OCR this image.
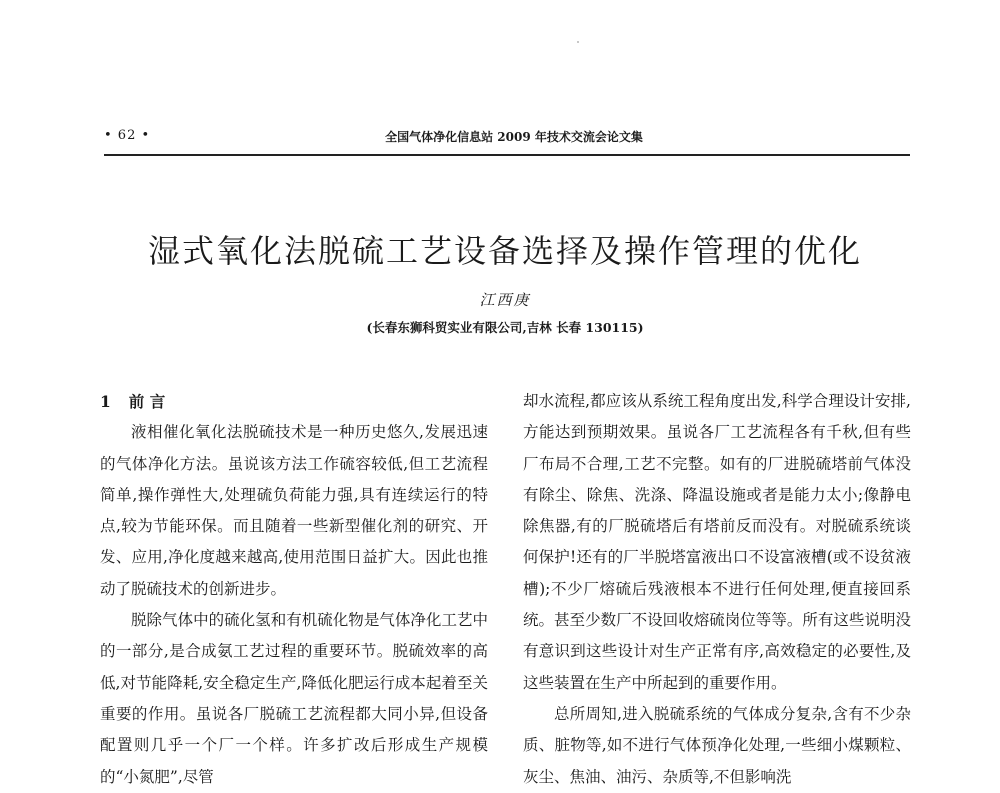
• 62 •	全国气体净化信息站 2009 年技术交流会论文集
湿式氧化法脱硫工艺设备选择及操作管理的优化
江西庚
(长春东狮科贸实业有限公司,吉林 长春 130115)
1 前 言

液相催化氧化法脱硫技术是一种历史悠久,发展迅速的气体净化方法。虽说该方法工作硫容较低,但工艺流程简单,操作弹性大,处理硫负荷能力强,具有连续运行的特点,较为节能环保。而且随着一些新型催化剂的研究、开发、应用,净化度越来越高,使用范围日益扩大。因此也推动了脱硫技术的创新进步。

脱除气体中的硫化氢和有机硫化物是气体净化工艺中的一部分,是合成氨工艺过程的重要环节。脱硫效率的高低,对节能降耗,安全稳定生产,降低化肥运行成本起着至关重要的作用。虽说各厂脱硫工艺流程都大同小异,但设备配置则几乎一个厂一个样。许多扩改后形成生产规模的“小氮肥”,尽管

却水流程,都应该从系统工程角度出发,科学合理设计安排,方能达到预期效果。虽说各厂工艺流程各有千秋,但有些厂布局不合理,工艺不完整。如有的厂进脱硫塔前气体没有除尘、除焦、洗涤、降温设施或者是能力太小;像静电除焦器,有的厂脱硫塔后有塔前反而没有。对脱硫系统谈何保护!还有的厂半脱塔富液出口不设富液槽(或不设贫液槽);不少厂熔硫后残液根本不进行任何处理,便直接回系统。甚至少数厂不设回收熔硫岗位等等。所有这些说明没有意识到这些设计对生产正常有序,高效稳定的必要性,及这些装置在生产中所起到的重要作用。

总所周知,进入脱硫系统的气体成分复杂,含有不少杂质、脏物等,如不进行气体预净化处理,一些细小煤颗粒、灰尘、焦油、油污、杂质等,不但影响洗
